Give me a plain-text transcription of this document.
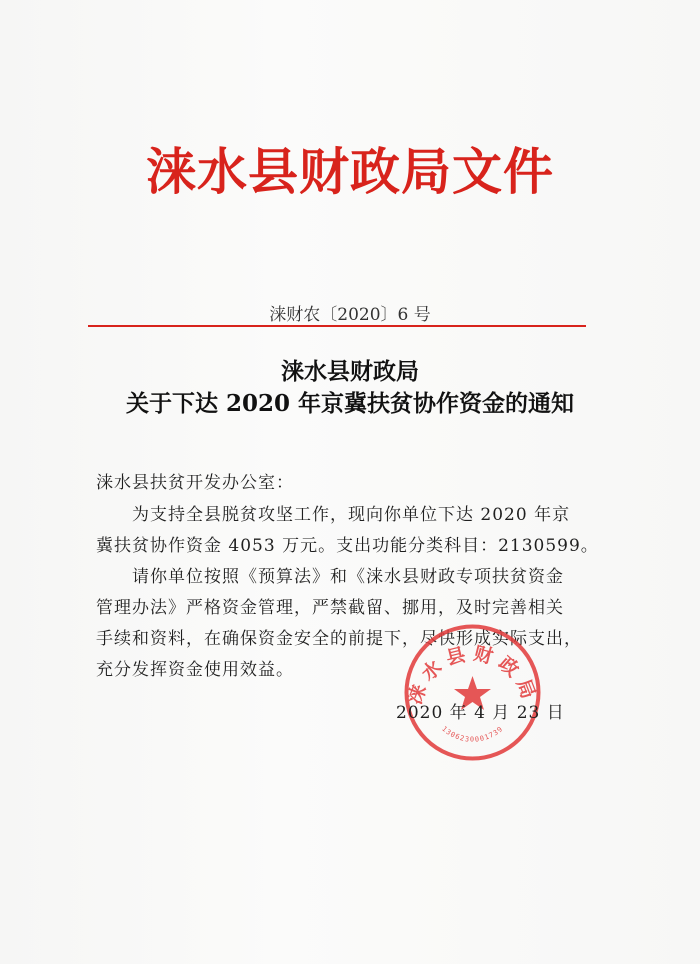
涞水县财政局文件
涞财农〔2020〕6 号
涞水县财政局
关于下达 2020 年京冀扶贫协作资金的通知
涞水县扶贫开发办公室：
为支持全县脱贫攻坚工作，现向你单位下达 2020 年京
冀扶贫协作资金 4053 万元。支出功能分类科目：2130599。
请你单位按照《预算法》和《涞水县财政专项扶贫资金
管理办法》严格资金管理，严禁截留、挪用，及时完善相关
手续和资料，在确保资金安全的前提下，尽快形成实际支出，
充分发挥资金使用效益。
涞水县财政局
1306230001739
2020 年 4 月 23 日
